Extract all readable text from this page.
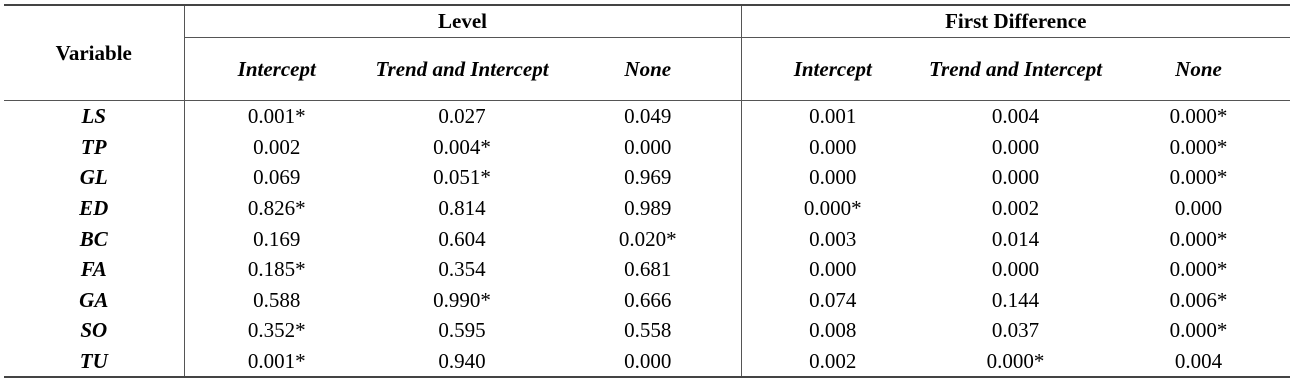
Variable	Level			First Difference		
	Intercept	Trend and Intercept	None	Intercept	Trend and Intercept	None
LS	0.001*	0.027	0.049	0.001	0.004	0.000*
TP	0.002	0.004*	0.000	0.000	0.000	0.000*
GL	0.069	0.051*	0.969	0.000	0.000	0.000*
ED	0.826*	0.814	0.989	0.000*	0.002	0.000
BC	0.169	0.604	0.020*	0.003	0.014	0.000*
FA	0.185*	0.354	0.681	0.000	0.000	0.000*
GA	0.588	0.990*	0.666	0.074	0.144	0.006*
SO	0.352*	0.595	0.558	0.008	0.037	0.000*
TU	0.001*	0.940	0.000	0.002	0.000*	0.004
